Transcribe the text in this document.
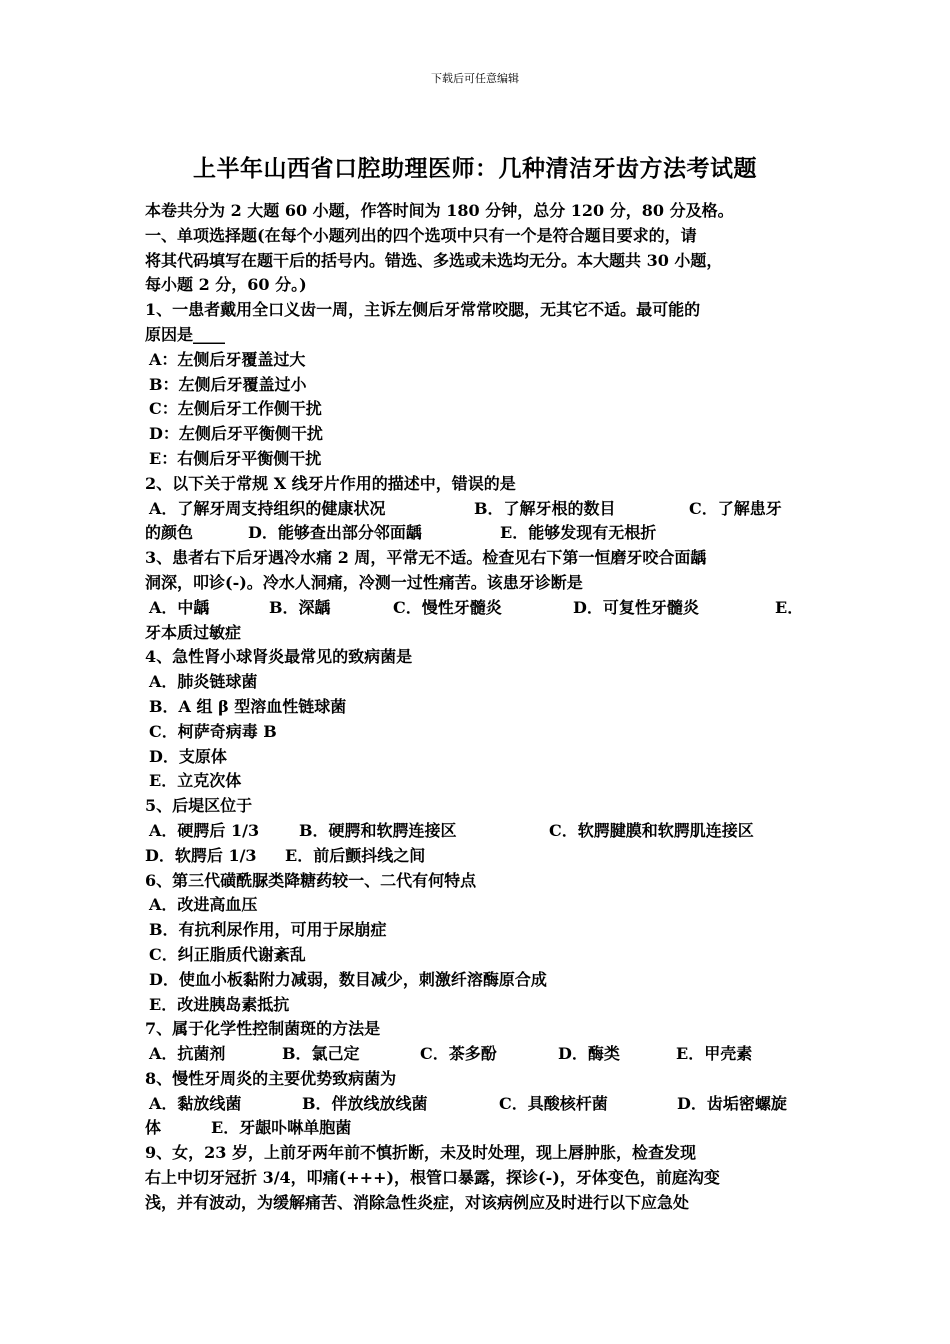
下载后可任意编辑
上半年山西省口腔助理医师：几种清洁牙齿方法考试题
本卷共分为 2 大题 60 小题，作答时间为 180 分钟，总分 120 分，80 分及格。
一、单项选择题(在每个小题列出的四个选项中只有一个是符合题目要求的，请
将其代码填写在题干后的括号内。错选、多选或未选均无分。本大题共 30 小题，
每小题 2 分，60 分。)
1、一患者戴用全口义齿一周，主诉左侧后牙常常咬腮，无其它不适。最可能的
原因是____
A：左侧后牙覆盖过大
B：左侧后牙覆盖过小
C：左侧后牙工作侧干扰
D：左侧后牙平衡侧干扰
E：右侧后牙平衡侧干扰
2、以下关于常规 X 线牙片作用的描述中，错误的是
A．了解牙周支持组织的健康状况	B．了解牙根的数目	C．了解患牙
的颜色	D．能够查出部分邻面龋	E．能够发现有无根折
3、患者右下后牙遇冷水痛 2 周，平常无不适。检查见右下第一恒磨牙咬合面龋
洞深，叩诊(-)。冷水人洞痛，冷测一过性痛苦。该患牙诊断是
A．中龋	B．深龋	C．慢性牙髓炎	D．可复性牙髓炎	E．
牙本质过敏症
4、急性肾小球肾炎最常见的致病菌是
A．肺炎链球菌
B．A 组 β 型溶血性链球菌
C．柯萨奇病毒 B
D．支原体
E．立克次体
5、后堤区位于
A．硬腭后 1/3 B．硬腭和软腭连接区	C．软腭腱膜和软腭肌连接区
D．软腭后 1/3 E．前后颤抖线之间
6、第三代磺酰脲类降糖药较一、二代有何特点
A．改进高血压
B．有抗利尿作用，可用于尿崩症
C．纠正脂质代谢紊乱
D．使血小板黏附力减弱，数目减少，刺激纤溶酶原合成
E．改进胰岛素抵抗
7、属于化学性控制菌斑的方法是
A．抗菌剂	B．氯己定	C．茶多酚	D．酶类	E．甲壳素
8、慢性牙周炎的主要优势致病菌为
A．黏放线菌	B．伴放线放线菌	C．具酸核杆菌	D．齿垢密螺旋
体	E．牙龈卟啉单胞菌
9、女，23 岁，上前牙两年前不慎折断，未及时处理，现上唇肿胀，检查发现
右上中切牙冠折 3/4，叩痛(+++)，根管口暴露，探诊(-)，牙体变色，前庭沟变
浅，并有波动，为缓解痛苦、消除急性炎症，对该病例应及时进行以下应急处
